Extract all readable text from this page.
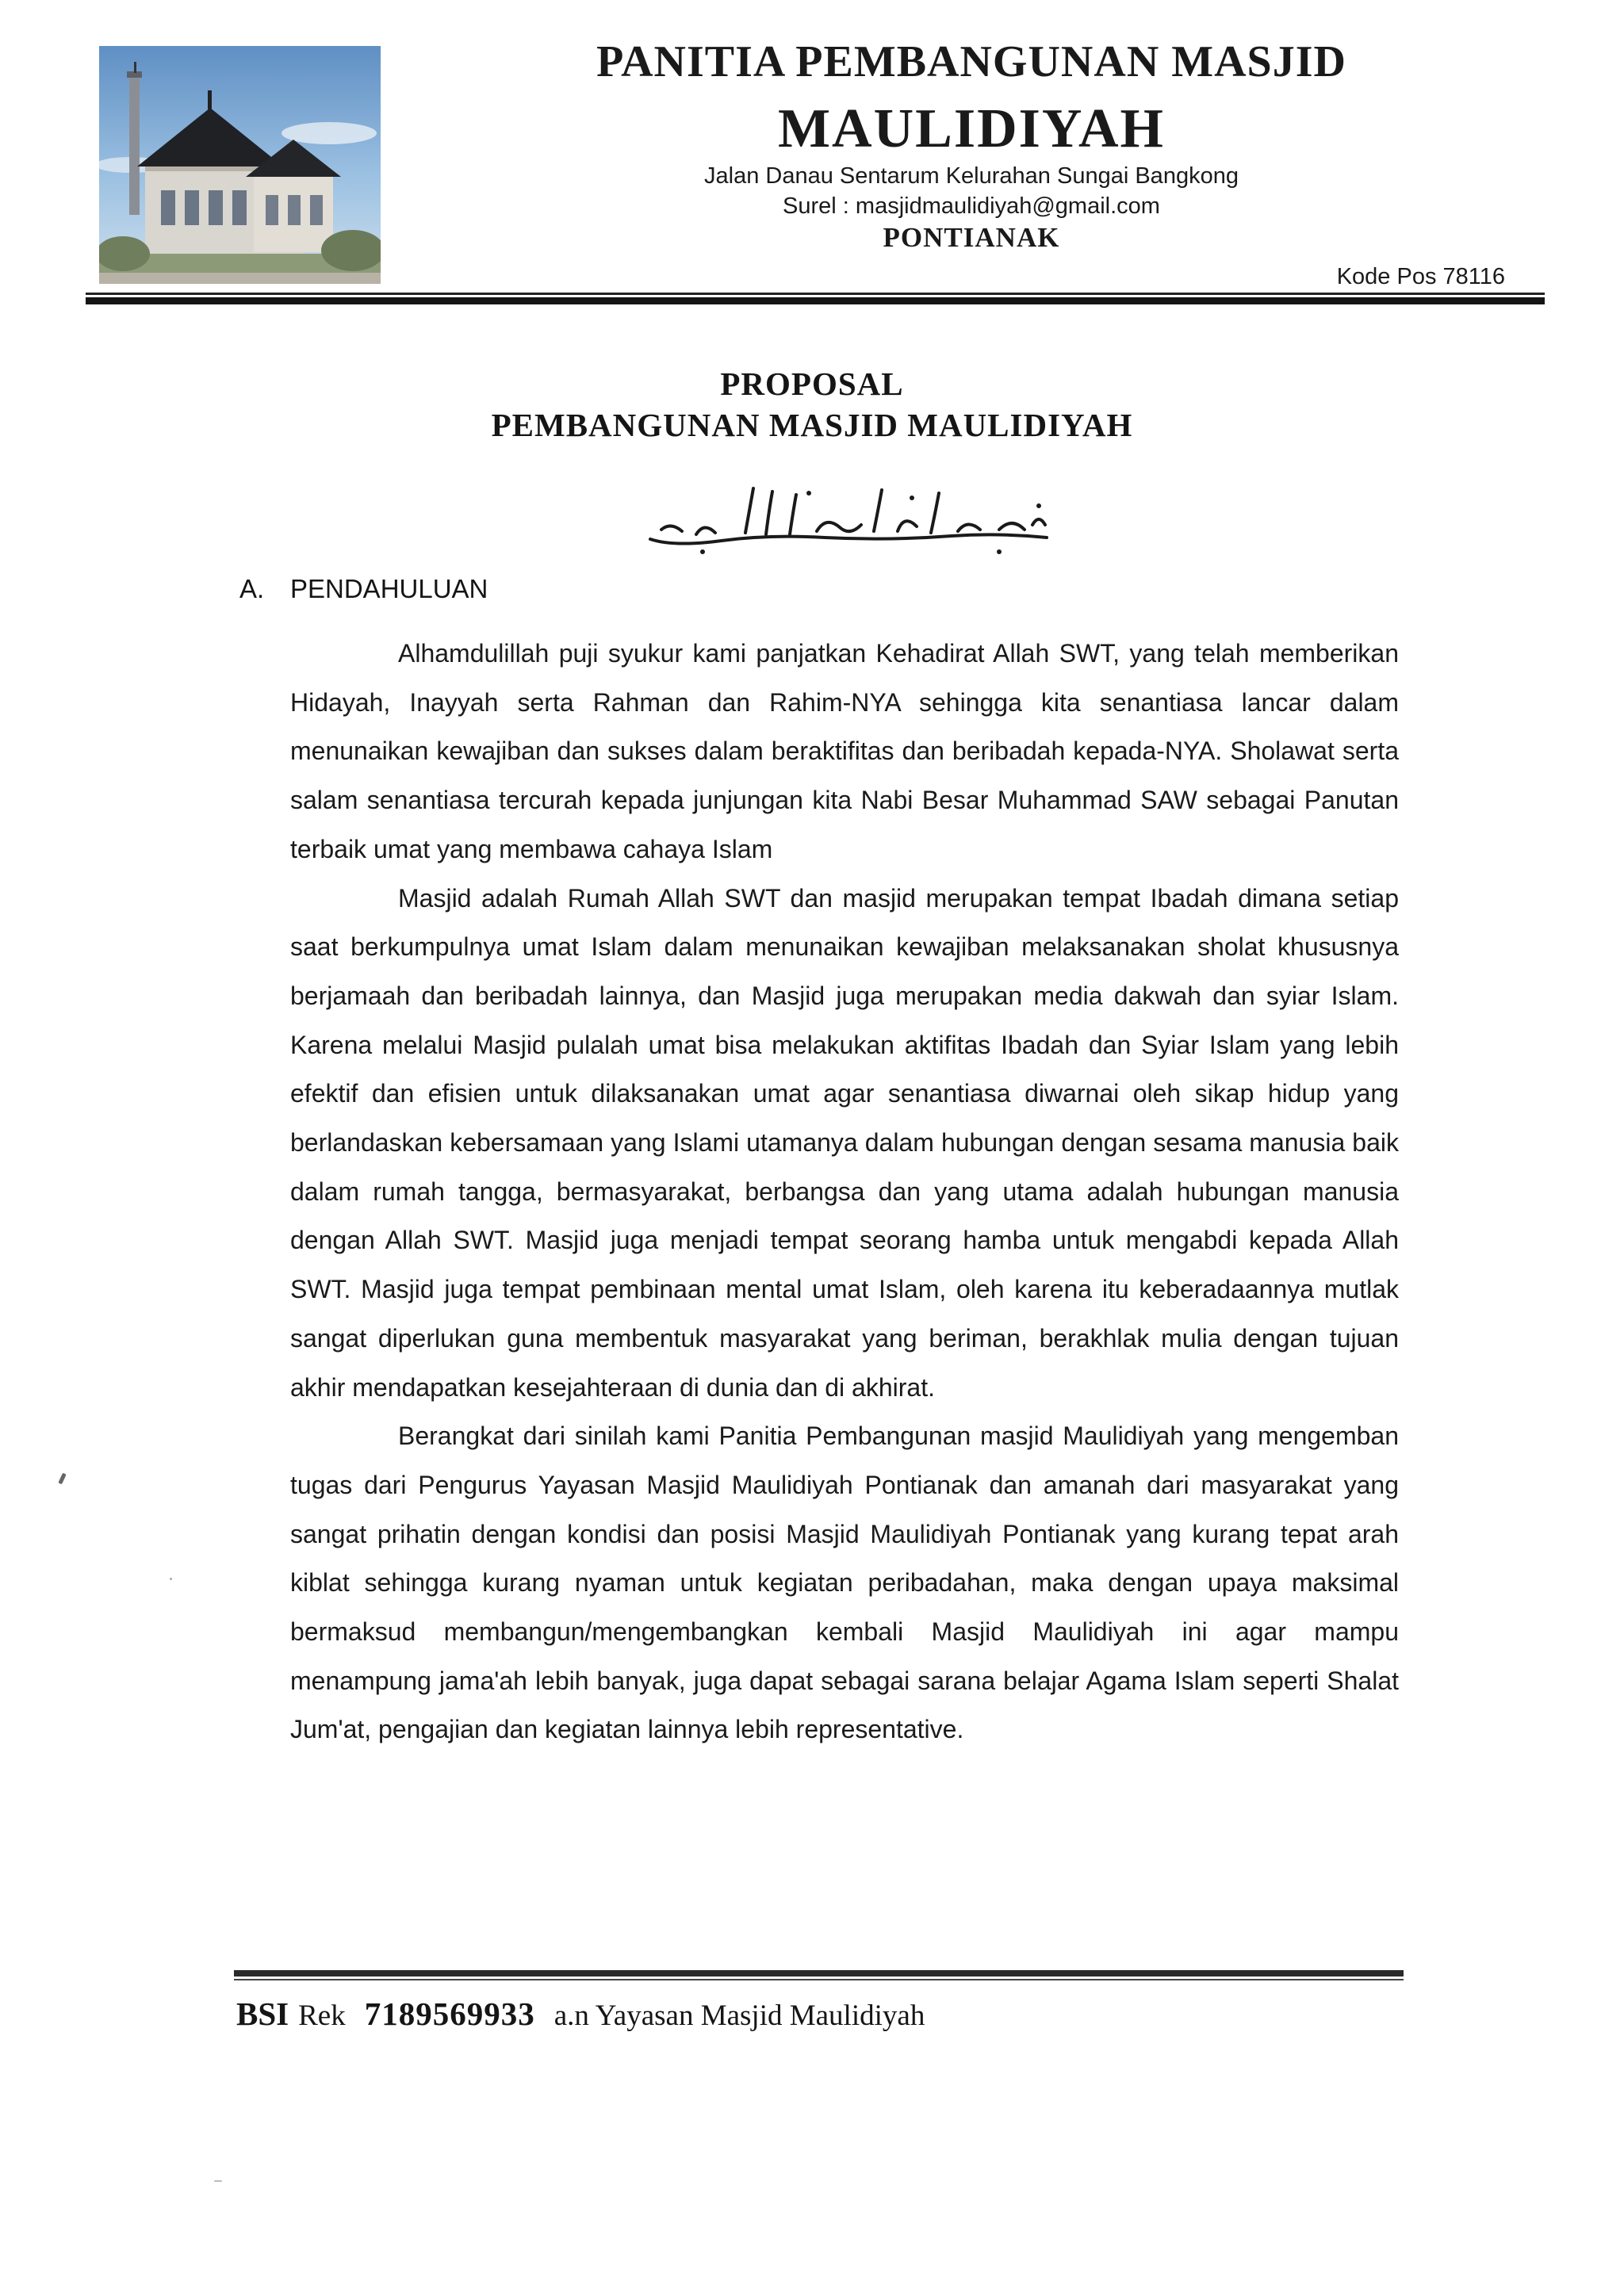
PANITIA PEMBANGUNAN MASJID
MAULIDIYAH
Jalan Danau Sentarum Kelurahan Sungai Bangkong
Surel : masjidmaulidiyah@gmail.com
PONTIANAK
Kode Pos 78116
PROPOSAL
PEMBANGUNAN MASJID MAULIDIYAH
A. PENDAHULUAN

Alhamdulillah puji syukur kami panjatkan Kehadirat Allah SWT, yang telah memberikan Hidayah, Inayyah serta Rahman dan Rahim-NYA sehingga kita senantiasa lancar dalam menunaikan kewajiban dan sukses dalam beraktifitas dan beribadah kepada-NYA. Sholawat serta salam senantiasa tercurah kepada junjungan kita Nabi Besar Muhammad SAW sebagai Panutan terbaik umat yang membawa cahaya Islam

Masjid adalah Rumah Allah SWT dan masjid merupakan tempat Ibadah dimana setiap saat berkumpulnya umat Islam dalam menunaikan kewajiban melaksanakan sholat khususnya berjamaah dan beribadah lainnya, dan Masjid juga merupakan media dakwah dan syiar Islam. Karena melalui Masjid pulalah umat bisa melakukan aktifitas Ibadah dan Syiar Islam yang lebih efektif dan efisien untuk dilaksanakan umat agar senantiasa diwarnai oleh sikap hidup yang berlandaskan kebersamaan yang Islami utamanya dalam hubungan dengan sesama manusia baik dalam rumah tangga, bermasyarakat, berbangsa dan yang utama adalah hubungan manusia dengan Allah SWT. Masjid juga menjadi tempat seorang hamba untuk mengabdi kepada Allah SWT. Masjid juga tempat pembinaan mental umat Islam, oleh karena itu keberadaannya mutlak sangat diperlukan guna membentuk masyarakat yang beriman, berakhlak mulia dengan tujuan akhir mendapatkan kesejahteraan di dunia dan di akhirat.

Berangkat dari sinilah kami Panitia Pembangunan masjid Maulidiyah yang mengemban tugas dari Pengurus Yayasan Masjid Maulidiyah Pontianak dan amanah dari masyarakat yang sangat prihatin dengan kondisi dan posisi Masjid Maulidiyah Pontianak yang kurang tepat arah kiblat sehingga kurang nyaman untuk kegiatan peribadahan, maka dengan upaya maksimal bermaksud membangun/mengembangkan kembali Masjid Maulidiyah ini agar mampu menampung jama'ah lebih banyak, juga dapat sebagai sarana belajar Agama Islam seperti Shalat Jum'at, pengajian dan kegiatan lainnya lebih representative.

BSI Rek 7189569933 a.n Yayasan Masjid Maulidiyah
